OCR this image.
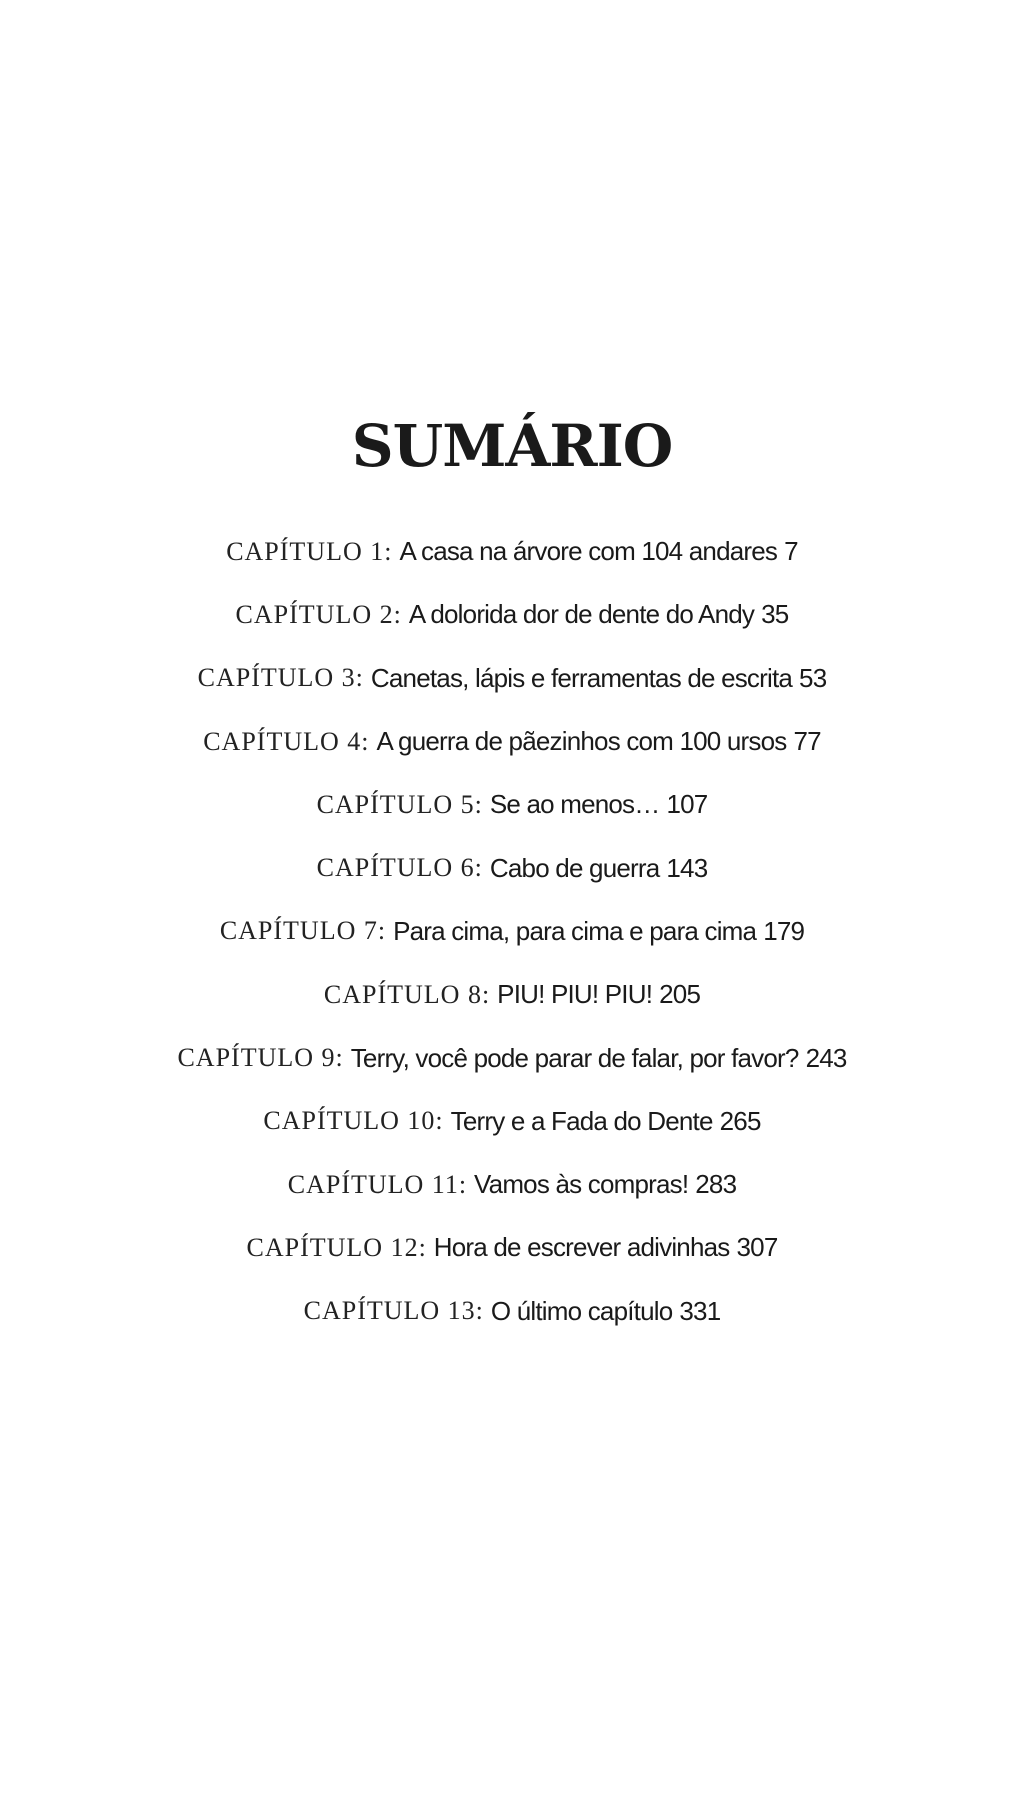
SUMÁRIO
CAPÍTULO 1: A casa na árvore com 104 andares 7
CAPÍTULO 2: A dolorida dor de dente do Andy 35
CAPÍTULO 3: Canetas, lápis e ferramentas de escrita 53
CAPÍTULO 4: A guerra de pãezinhos com 100 ursos 77
CAPÍTULO 5: Se ao menos… 107
CAPÍTULO 6: Cabo de guerra 143
CAPÍTULO 7: Para cima, para cima e para cima 179
CAPÍTULO 8: PIU! PIU! PIU! 205
CAPÍTULO 9: Terry, você pode parar de falar, por favor? 243
CAPÍTULO 10: Terry e a Fada do Dente 265
CAPÍTULO 11: Vamos às compras! 283
CAPÍTULO 12: Hora de escrever adivinhas 307
CAPÍTULO 13: O último capítulo 331
